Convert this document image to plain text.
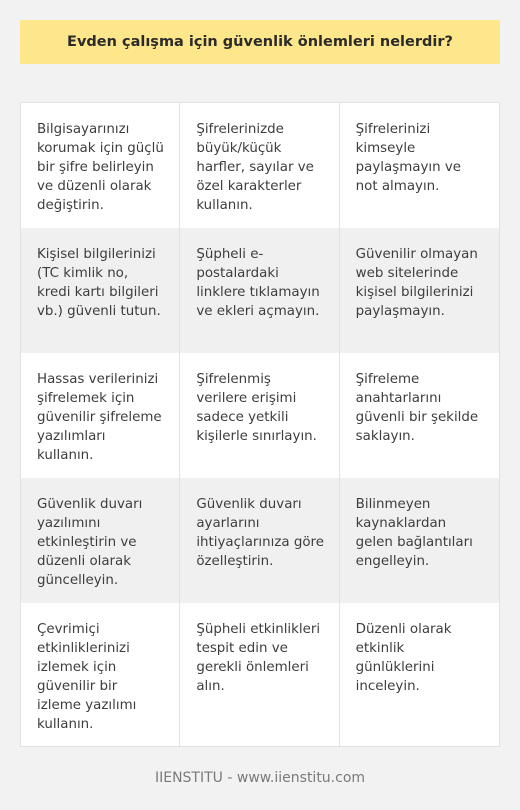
Evden çalışma için güvenlik önlemleri nelerdir?
Bilgisayarınızı korumak için güçlü bir şifre belirleyin ve düzenli olarak değiştirin.
Şifrelerinizde büyük/küçük harfler, sayılar ve özel karakterler kullanın.
Şifrelerinizi kimseyle paylaşmayın ve not almayın.
Kişisel bilgilerinizi (TC kimlik no, kredi kartı bilgileri vb.) güvenli tutun.
Şüpheli e-postalardaki linklere tıklamayın ve ekleri açmayın.
Güvenilir olmayan web sitelerinde kişisel bilgilerinizi paylaşmayın.
Hassas verilerinizi şifrelemek için güvenilir şifreleme yazılımları kullanın.
Şifrelenmiş verilere erişimi sadece yetkili kişilerle sınırlayın.
Şifreleme anahtarlarını güvenli bir şekilde saklayın.
Güvenlik duvarı yazılımını etkinleştirin ve düzenli olarak güncelleyin.
Güvenlik duvarı ayarlarını ihtiyaçlarınıza göre özelleştirin.
Bilinmeyen kaynaklardan gelen bağlantıları engelleyin.
Çevrimiçi etkinliklerinizi izlemek için güvenilir bir izleme yazılımı kullanın.
Şüpheli etkinlikleri tespit edin ve gerekli önlemleri alın.
Düzenli olarak etkinlik günlüklerini inceleyin.
IIENSTITU - www.iienstitu.com
